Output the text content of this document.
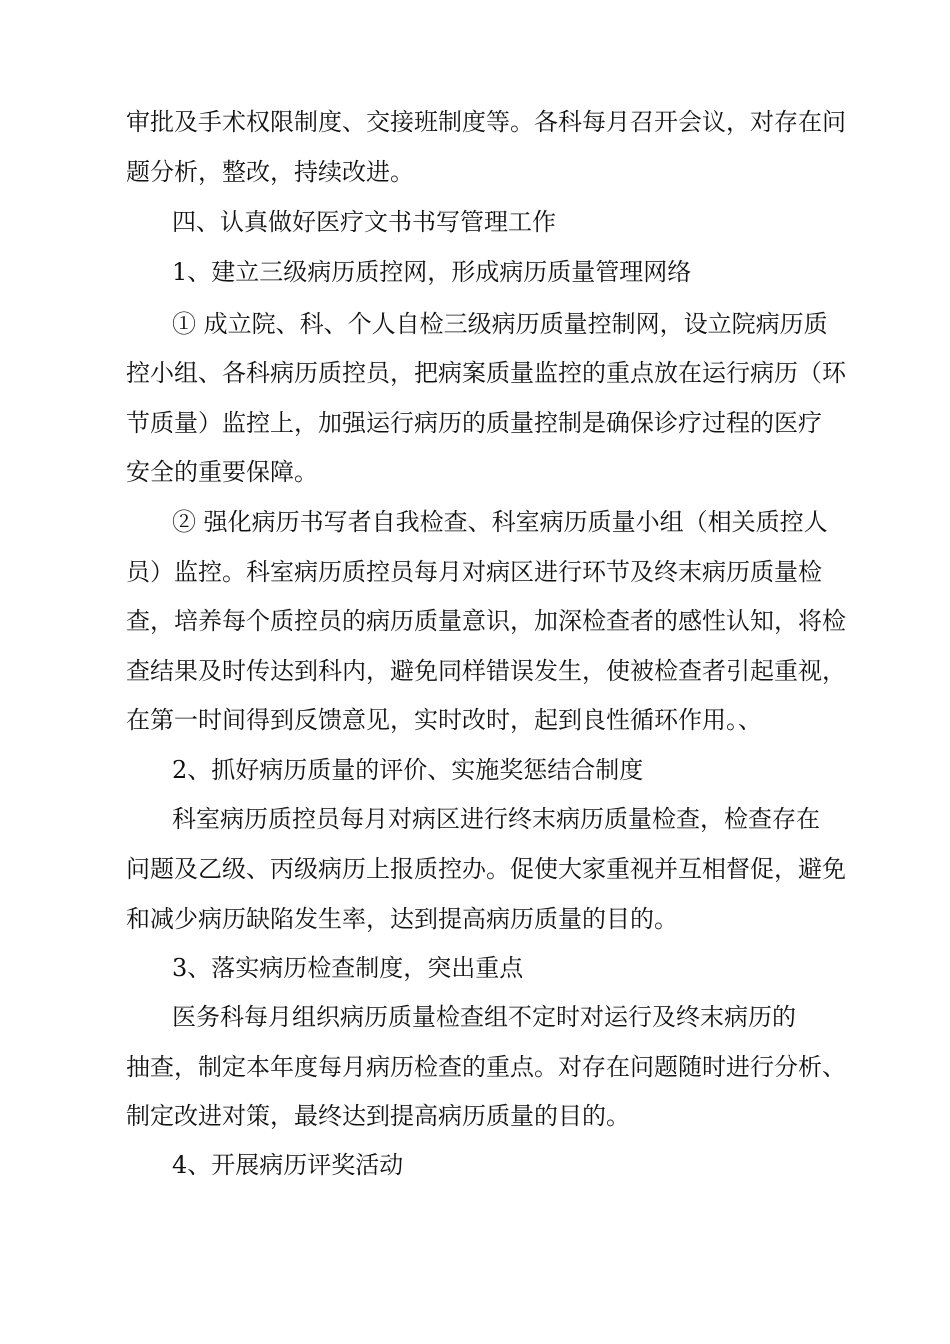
审批及手术权限制度、交接班制度等。各科每月召开会议，对存在问
题分析，整改，持续改进。
四、认真做好医疗文书书写管理工作
1、建立三级病历质控网，形成病历质量管理网络
① 成立院、科、个人自检三级病历质量控制网，设立院病历质
控小组、各科病历质控员，把病案质量监控的重点放在运行病历（环
节质量）监控上，加强运行病历的质量控制是确保诊疗过程的医疗
安全的重要保障。
② 强化病历书写者自我检查、科室病历质量小组（相关质控人
员）监控。科室病历质控员每月对病区进行环节及终末病历质量检
查，培养每个质控员的病历质量意识，加深检查者的感性认知，将检
查结果及时传达到科内，避免同样错误发生，使被检查者引起重视，
在第一时间得到反馈意见，实时改时，起到良性循环作用。、
2、抓好病历质量的评价、实施奖惩结合制度
科室病历质控员每月对病区进行终末病历质量检查，检查存在
问题及乙级、丙级病历上报质控办。促使大家重视并互相督促，避免
和减少病历缺陷发生率，达到提高病历质量的目的。
3、落实病历检查制度，突出重点
医务科每月组织病历质量检查组不定时对运行及终末病历的
抽查，制定本年度每月病历检查的重点。对存在问题随时进行分析、
制定改进对策，最终达到提高病历质量的目的。
4、开展病历评奖活动
